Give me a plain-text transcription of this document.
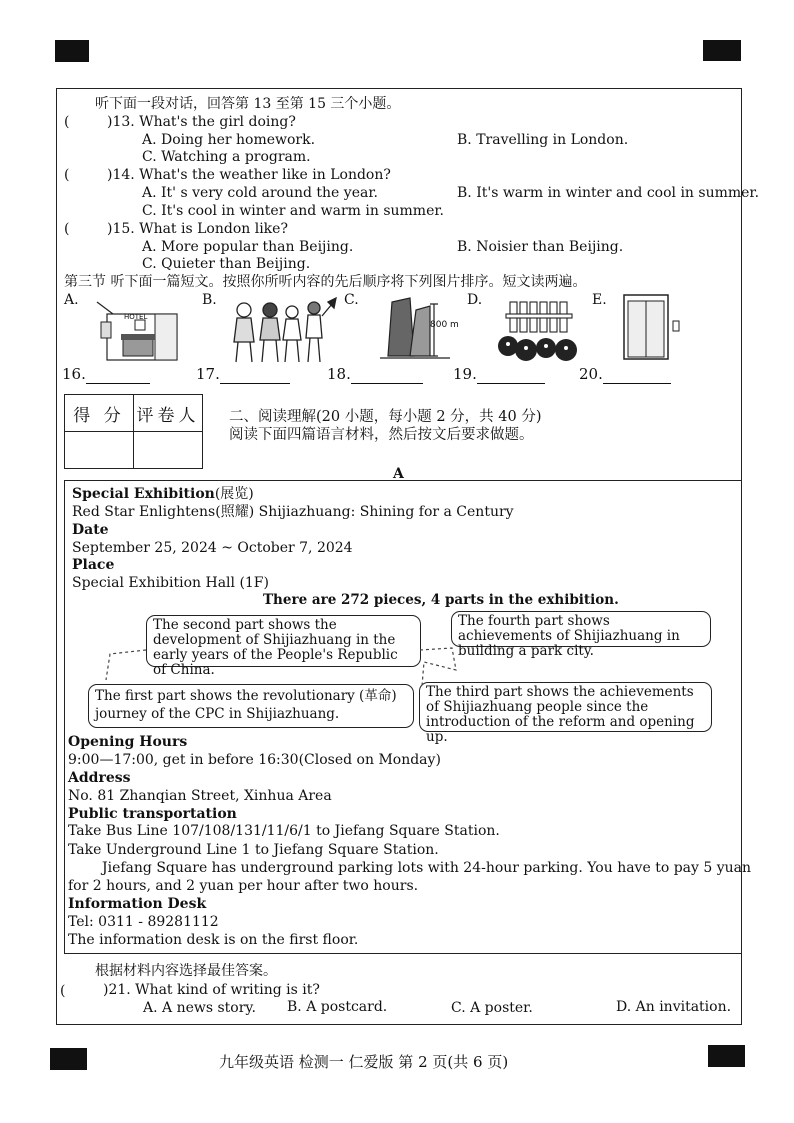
听下面一段对话，回答第 13 至第 15 三个小题。
(	)13. What's the girl doing?
A. Doing her homework.	B. Travelling in London.
C. Watching a program.
(	)14. What's the weather like in London?
A. It' s very cold around the year.	B. It's warm in winter and cool in summer.
C. It's cool in winter and warm in summer.
(	)15. What is London like?
A. More popular than Beijing.	B. Noisier than Beijing.
C. Quieter than Beijing.
第三节 听下面一篇短文。按照你所听内容的先后顺序将下列图片排序。短文读两遍。
A.	B.	C.	D.	E.
HOTEL
800 m
16.	17.	18.	19.	20.
得 分	评卷人
	二、阅读理解(20 小题，每小题 2 分，共 40 分)
阅读下面四篇语言材料，然后按文后要求做题。
A
Special Exhibition(展览)
Red Star Enlightens(照耀) Shijiazhuang: Shining for a Century
Date
September 25, 2024 ~ October 7, 2024
Place
Special Exhibition Hall (1F)
There are 272 pieces, 4 parts in the exhibition.
The second part shows the development of Shijiazhuang in the early years of the People's Republic of China.
The fourth part shows achievements of Shijiazhuang in building a park city.
The first part shows the revolutionary (革命) journey of the CPC in Shijiazhuang.
The third part shows the achievements of Shijiazhuang people since the introduction of the reform and opening up.
Opening Hours
9:00—17:00, get in before 16:30(Closed on Monday)
Address
No. 81 Zhanqian Street, Xinhua Area
Public transportation
Take Bus Line 107/108/131/11/6/1 to Jiefang Square Station.
Take Underground Line 1 to Jiefang Square Station.
Jiefang Square has underground parking lots with 24-hour parking. You have to pay 5 yuan
for 2 hours, and 2 yuan per hour after two hours.
Information Desk
Tel: 0311 - 89281112
The information desk is on the first floor.
根据材料内容选择最佳答案。
(	)21. What kind of writing is it?
A. A news story. B. A postcard.	C. A poster.	D. An invitation.
九年级英语 检测一 仁爱版 第 2 页(共 6 页)
